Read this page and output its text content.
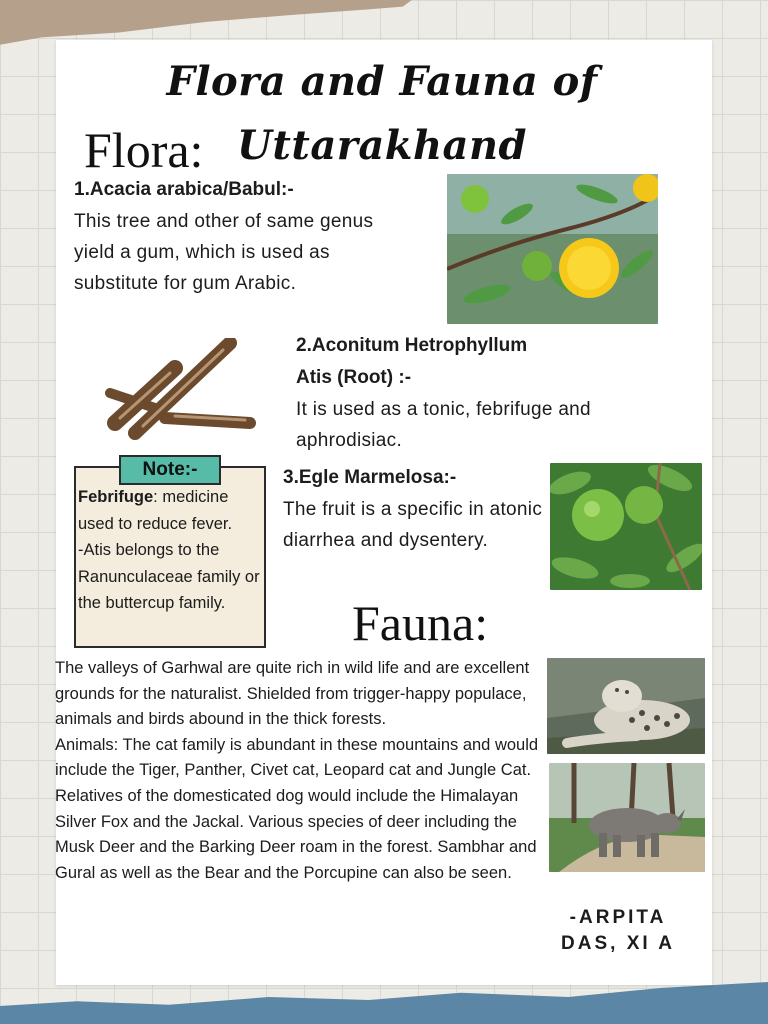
Flora and Fauna of Uttarakhand
Flora:
1.Acacia arabica/Babul:-
This tree and other of same genus yield a gum, which is used as substitute for gum Arabic.
2.Aconitum Hetrophyllum
Atis (Root) :-
It is used as a tonic, febrifuge and aphrodisiac.
Febrifuge: medicine used to reduce fever.
-Atis belongs to the Ranunculaceae family or the buttercup family.
Note:-	3.Egle Marmelosa:-
The fruit is a specific in atonic diarrhea and dysentery.
Fauna:
The valleys of Garhwal are quite rich in wild life and are excellent grounds for the naturalist. Shielded from trigger-happy populace, animals and birds abound in the thick forests.
Animals: The cat family is abundant in these mountains and would include the Tiger, Panther, Civet cat, Leopard cat and Jungle Cat. Relatives of the domesticated dog would include the Himalayan Silver Fox and the Jackal. Various species of deer including the Musk Deer and the Barking Deer roam in the forest. Sambhar and Gural as well as the Bear and the Porcupine can also be seen.
-ARPITA
DAS, XI A
